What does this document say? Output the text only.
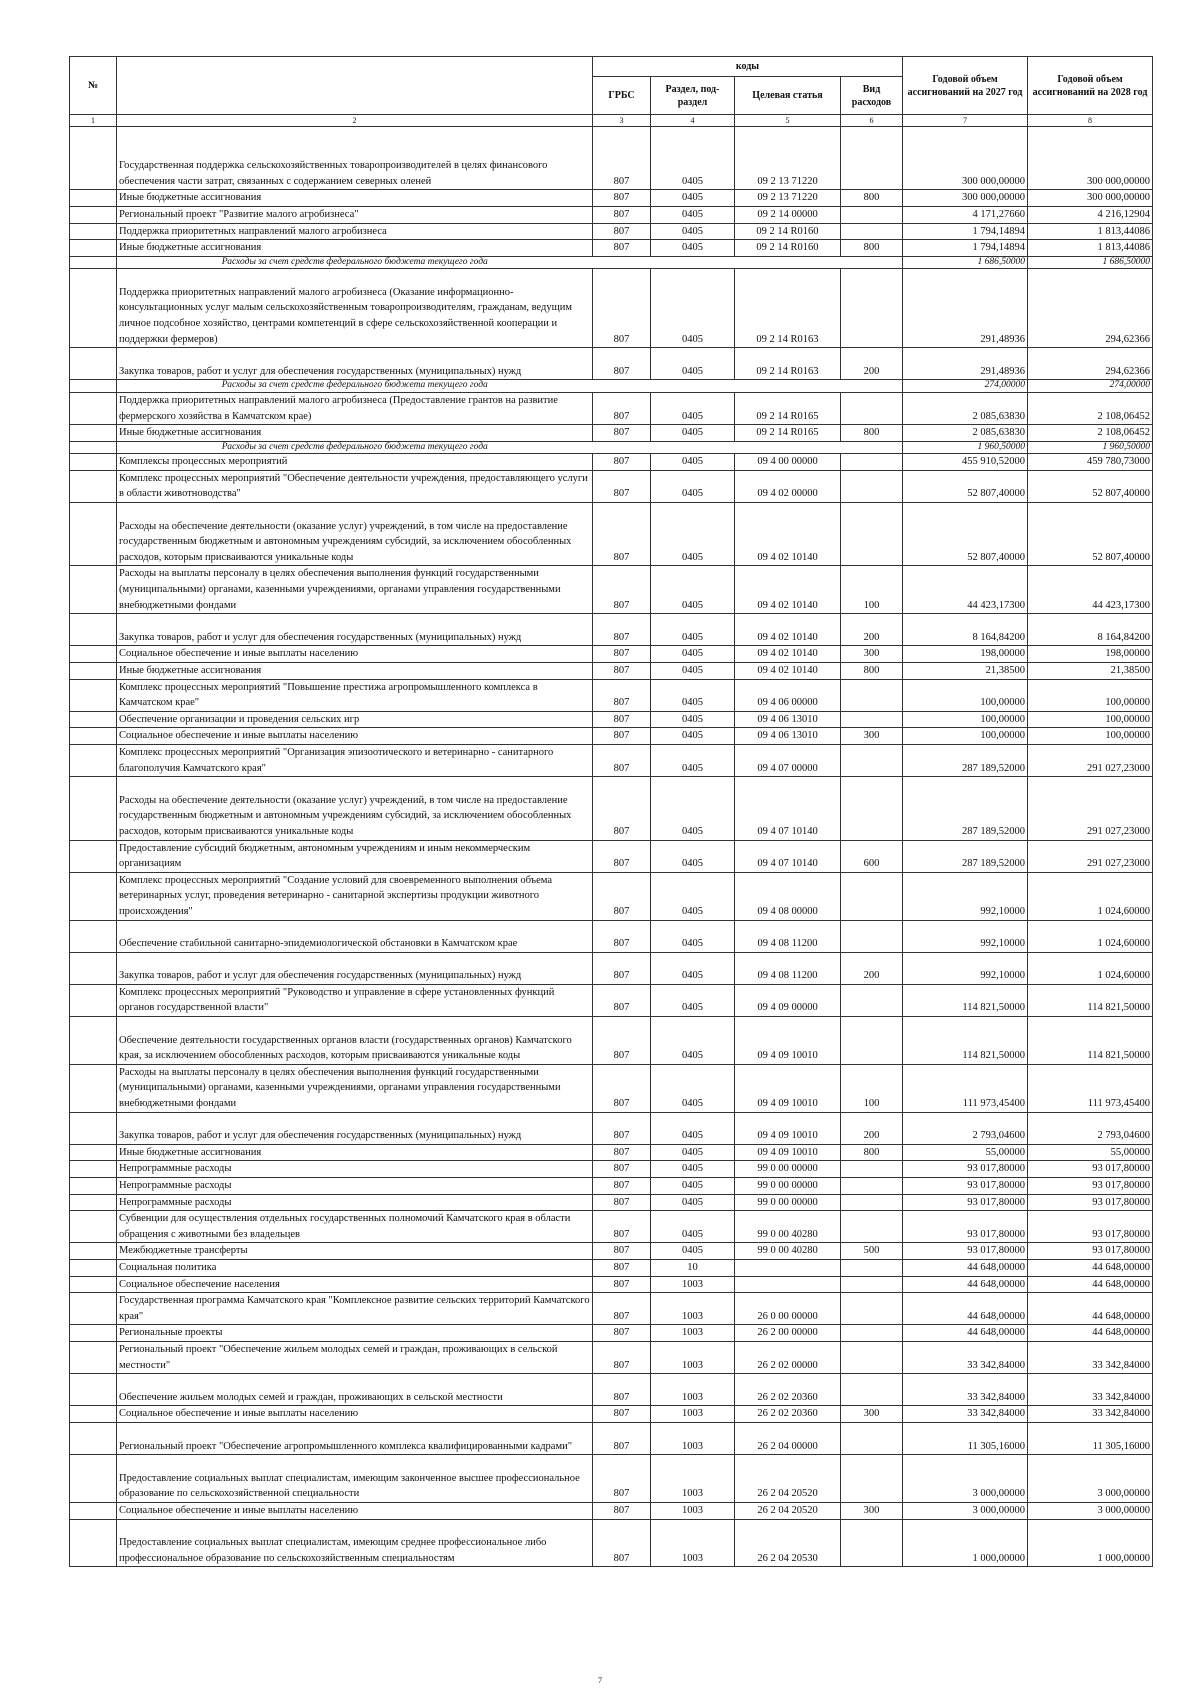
№		коды				Годовой объем ассигнований на 2027 год	Годовой объем ассигнований на 2028 год
		ГРБС	Раздел, под-раздел	Целевая статья	Вид расходов		
1	2	3	4	5	6	7	8
	Государственная поддержка сельскохозяйственных товаропроизводителей в целях финансового обеспечения части затрат, связанных с содержанием северных оленей	807	0405	09 2 13 71220		300 000,00000	300 000,00000
	Иные бюджетные ассигнования	807	0405	09 2 13 71220	800	300 000,00000	300 000,00000
	Региональный проект "Развитие малого агробизнеса"	807	0405	09 2 14 00000		4 171,27660	4 216,12904
	Поддержка приоритетных направлений малого агробизнеса	807	0405	09 2 14 R0160		1 794,14894	1 813,44086
	Иные бюджетные ассигнования	807	0405	09 2 14 R0160	800	1 794,14894	1 813,44086
	Расходы за счет средств федерального бюджета текущего года					1 686,50000	1 686,50000
	Поддержка приоритетных направлений малого агробизнеса (Оказание информационно-консультационных услуг малым сельскохозяйственным товаропроизводителям, гражданам, ведущим личное подсобное хозяйство, центрами компетенций в сфере сельскохозяйственной кооперации и поддержки фермеров)	807	0405	09 2 14 R0163		291,48936	294,62366
	Закупка товаров, работ и услуг для обеспечения государственных (муниципальных) нужд	807	0405	09 2 14 R0163	200	291,48936	294,62366
	Расходы за счет средств федерального бюджета текущего года					274,00000	274,00000
	Поддержка приоритетных направлений малого агробизнеса (Предоставление грантов на развитие фермерского хозяйства в Камчатском крае)	807	0405	09 2 14 R0165		2 085,63830	2 108,06452
	Иные бюджетные ассигнования	807	0405	09 2 14 R0165	800	2 085,63830	2 108,06452
	Расходы за счет средств федерального бюджета текущего года					1 960,50000	1 960,50000
	Комплексы процессных мероприятий	807	0405	09 4 00 00000		455 910,52000	459 780,73000
	Комплекс процессных мероприятий "Обеспечение деятельности учреждения, предоставляющего услуги в области животноводства"	807	0405	09 4 02 00000		52 807,40000	52 807,40000
	Расходы на обеспечение деятельности (оказание услуг) учреждений, в том числе на предоставление государственным бюджетным и автономным учреждениям субсидий, за исключением обособленных расходов, которым присваиваются уникальные коды	807	0405	09 4 02 10140		52 807,40000	52 807,40000
	Расходы на выплаты персоналу в целях обеспечения выполнения функций государственными (муниципальными) органами, казенными учреждениями, органами управления государственными внебюджетными фондами	807	0405	09 4 02 10140	100	44 423,17300	44 423,17300
	Закупка товаров, работ и услуг для обеспечения государственных (муниципальных) нужд	807	0405	09 4 02 10140	200	8 164,84200	8 164,84200
	Социальное обеспечение и иные выплаты населению	807	0405	09 4 02 10140	300	198,00000	198,00000
	Иные бюджетные ассигнования	807	0405	09 4 02 10140	800	21,38500	21,38500
	Комплекс процессных мероприятий "Повышение престижа агропромышленного комплекса в Камчатском крае"	807	0405	09 4 06 00000		100,00000	100,00000
	Обеспечение организации и проведения сельских игр	807	0405	09 4 06 13010		100,00000	100,00000
	Социальное обеспечение и иные выплаты населению	807	0405	09 4 06 13010	300	100,00000	100,00000
	Комплекс процессных мероприятий "Организация эпизоотического и ветеринарно - санитарного благополучия Камчатского края"	807	0405	09 4 07 00000		287 189,52000	291 027,23000
	Расходы на обеспечение деятельности (оказание услуг) учреждений, в том числе на предоставление государственным бюджетным и автономным учреждениям субсидий, за исключением обособленных расходов, которым присваиваются уникальные коды	807	0405	09 4 07 10140		287 189,52000	291 027,23000
	Предоставление субсидий бюджетным, автономным учреждениям и иным некоммерческим организациям	807	0405	09 4 07 10140	600	287 189,52000	291 027,23000
	Комплекс процессных мероприятий "Создание условий для своевременного выполнения объема ветеринарных услуг, проведения ветеринарно - санитарной экспертизы продукции животного происхождения"	807	0405	09 4 08 00000		992,10000	1 024,60000
	Обеспечение стабильной санитарно-эпидемиологической обстановки в Камчатском крае	807	0405	09 4 08 11200		992,10000	1 024,60000
	Закупка товаров, работ и услуг для обеспечения государственных (муниципальных) нужд	807	0405	09 4 08 11200	200	992,10000	1 024,60000
	Комплекс процессных мероприятий "Руководство и управление в сфере установленных функций органов государственной власти"	807	0405	09 4 09 00000		114 821,50000	114 821,50000
	Обеспечение деятельности государственных органов власти (государственных органов) Камчатского края, за исключением обособленных расходов, которым присваиваются уникальные коды	807	0405	09 4 09 10010		114 821,50000	114 821,50000
	Расходы на выплаты персоналу в целях обеспечения выполнения функций государственными (муниципальными) органами, казенными учреждениями, органами управления государственными внебюджетными фондами	807	0405	09 4 09 10010	100	111 973,45400	111 973,45400
	Закупка товаров, работ и услуг для обеспечения государственных (муниципальных) нужд	807	0405	09 4 09 10010	200	2 793,04600	2 793,04600
	Иные бюджетные ассигнования	807	0405	09 4 09 10010	800	55,00000	55,00000
	Непрограммные расходы	807	0405	99 0 00 00000		93 017,80000	93 017,80000
	Непрограммные расходы	807	0405	99 0 00 00000		93 017,80000	93 017,80000
	Непрограммные расходы	807	0405	99 0 00 00000		93 017,80000	93 017,80000
	Субвенции для осуществления отдельных государственных полномочий Камчатского края в области обращения с животными без владельцев	807	0405	99 0 00 40280		93 017,80000	93 017,80000
	Межбюджетные трансферты	807	0405	99 0 00 40280	500	93 017,80000	93 017,80000
	Социальная политика	807	10			44 648,00000	44 648,00000
	Социальное обеспечение населения	807	1003			44 648,00000	44 648,00000
	Государственная программа Камчатского края "Комплексное развитие сельских территорий Камчатского края"	807	1003	26 0 00 00000		44 648,00000	44 648,00000
	Региональные проекты	807	1003	26 2 00 00000		44 648,00000	44 648,00000
	Региональный проект "Обеспечение жильем молодых семей и граждан, проживающих в сельской местности"	807	1003	26 2 02 00000		33 342,84000	33 342,84000
	Обеспечение жильем молодых семей и граждан, проживающих в сельской местности	807	1003	26 2 02 20360		33 342,84000	33 342,84000
	Социальное обеспечение и иные выплаты населению	807	1003	26 2 02 20360	300	33 342,84000	33 342,84000
	Региональный проект "Обеспечение агропромышленного комплекса квалифицированными кадрами"	807	1003	26 2 04 00000		11 305,16000	11 305,16000
	Предоставление социальных выплат специалистам, имеющим законченное высшее профессиональное образование по сельскохозяйственной специальности	807	1003	26 2 04 20520		3 000,00000	3 000,00000
	Социальное обеспечение и иные выплаты населению	807	1003	26 2 04 20520	300	3 000,00000	3 000,00000
	Предоставление социальных выплат специалистам, имеющим среднее профессиональное либо профессиональное образование по сельскохозяйственным специальностям	807	1003	26 2 04 20530		1 000,00000	1 000,00000
7
